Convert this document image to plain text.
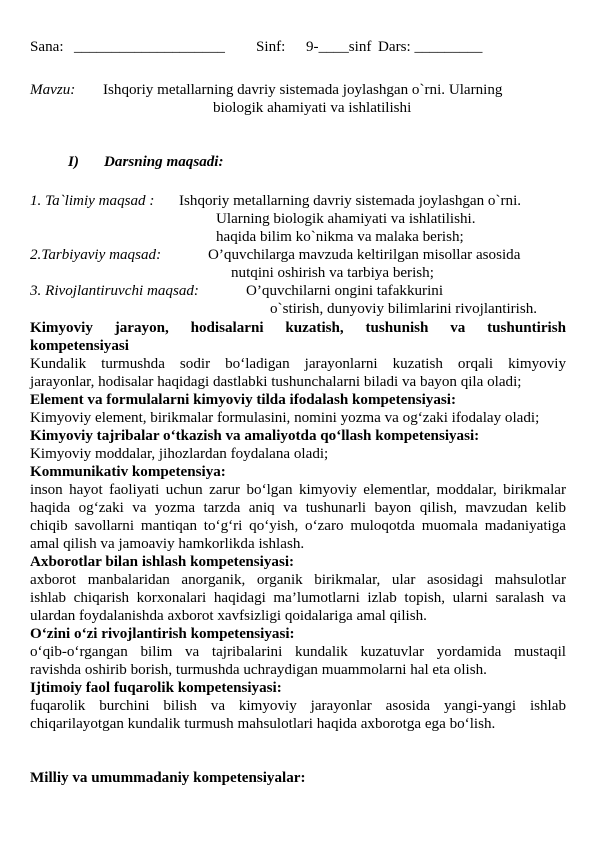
Sana: ____________________ Sinf: 9-____sinf Dars: _________
Mavzu: Ishqoriy metallarning davriy sistemada joylashgan o`rni. Ularning
biologik ahamiyati va ishlatilishi
I) Darsning maqsadi:
1. Ta`limiy maqsad : Ishqoriy metallarning davriy sistemada joylashgan o`rni.
Ularning biologik ahamiyati va ishlatilishi.
haqida bilim ko`nikma va malaka berish;
2.Tarbiyaviy maqsad:	O’quvchilarga mavzuda keltirilgan misollar asosida
nutqini oshirish va tarbiya berish;
3. Rivojlantiruvchi maqsad:	O’quvchilarni ongini tafakkurini
o`stirish, dunyoviy bilimlarini rivojlantirish.
Kimyoviy jarayon, hodisalarni kuzatish, tushunish va tushuntirish
kompetensiyasi
Kundalik turmushda sodir bo‘ladigan jarayonlarni kuzatish orqali kimyoviy
jarayonlar, hodisalar haqidagi dastlabki tushunchalarni biladi va bayon qila oladi;
Element va formulalarni kimyoviy tilda ifodalash kompetensiyasi:
Kimyoviy element, birikmalar formulasini, nomini yozma va og‘zaki ifodalay oladi;
Kimyoviy tajribalar o‘tkazish va amaliyotda qo‘llash kompetensiyasi:
Kimyoviy moddalar, jihozlardan foydalana oladi;
Kommunikativ kompetensiya:
inson hayot faoliyati uchun zarur bo‘lgan kimyoviy elementlar, moddalar, birikmalar
haqida og‘zaki va yozma tarzda aniq va tushunarli bayon qilish, mavzudan kelib
chiqib savollarni mantiqan to‘g‘ri qo‘yish, o‘zaro muloqotda muomala madaniyatiga
amal qilish va jamoaviy hamkorlikda ishlash.
Axborotlar bilan ishlash kompetensiyasi:
axborot manbalaridan anorganik, organik birikmalar, ular asosidagi mahsulotlar
ishlab chiqarish korxonalari haqidagi ma’lumotlarni izlab topish, ularni saralash va
ulardan foydalanishda axborot xavfsizligi qoidalariga amal qilish.
O‘zini o‘zi rivojlantirish kompetensiyasi:
o‘qib-o‘rgangan bilim va tajribalarini kundalik kuzatuvlar yordamida mustaqil
ravishda oshirib borish, turmushda uchraydigan muammolarni hal eta olish.
Ijtimoiy faol fuqarolik kompetensiyasi:
fuqarolik burchini bilish va kimyoviy jarayonlar asosida yangi-yangi ishlab
chiqarilayotgan kundalik turmush mahsulotlari haqida axborotga ega bo‘lish.
Milliy va umummadaniy kompetensiyalar:
